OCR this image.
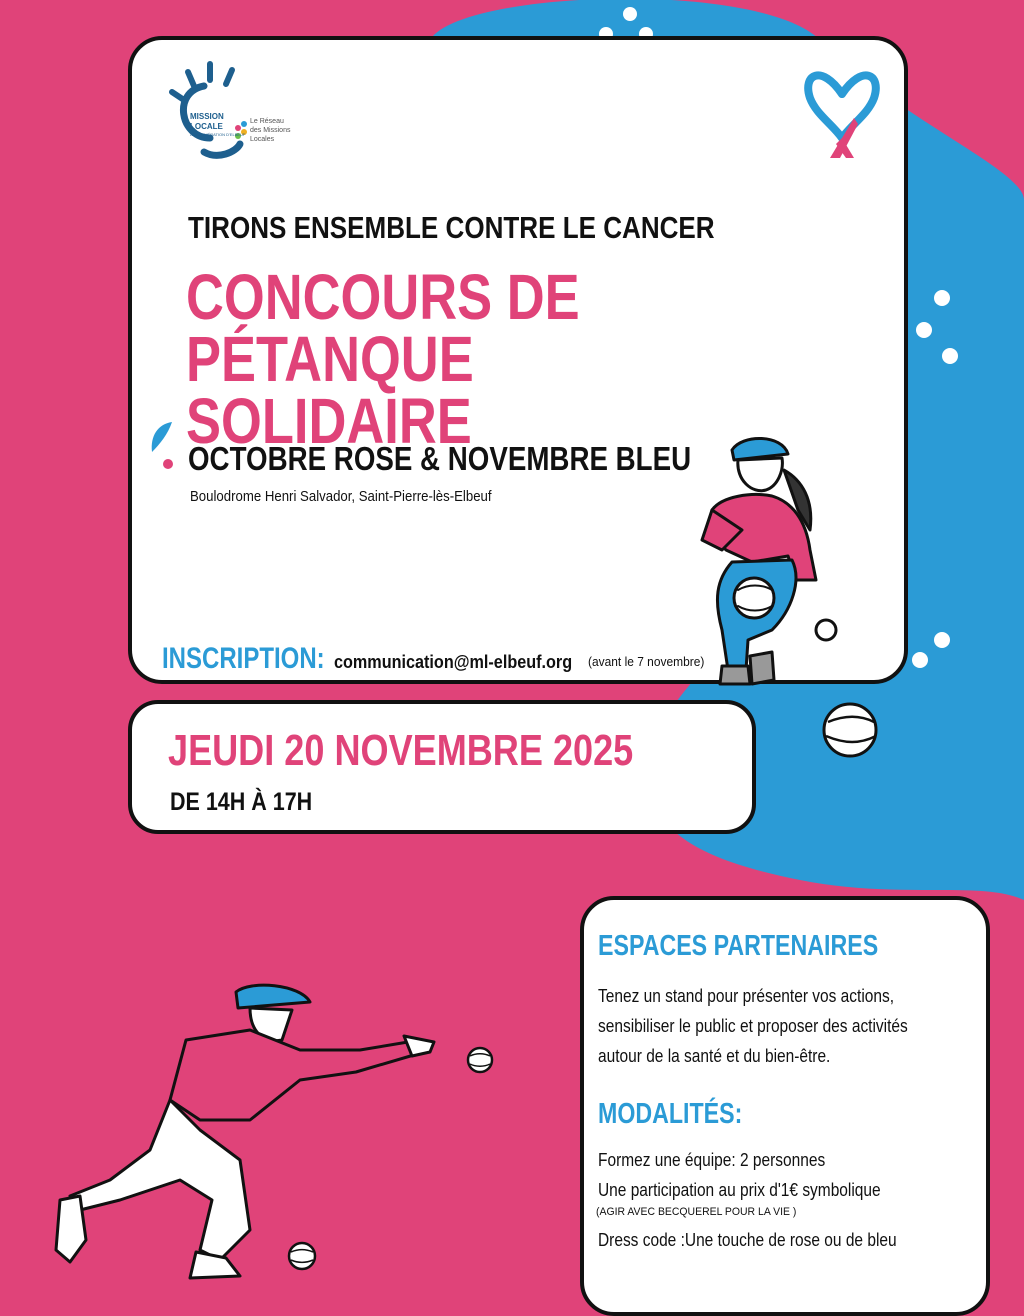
MISSION
LOCALE
AGGLOMÉRATION D'ELBEUF
Le Réseau
des Missions
Locales

TIRONS ENSEMBLE CONTRE LE CANCER

CONCOURS DE PÉTANQUE
SOLIDAIRE

OCTOBRE ROSE & NOVEMBRE BLEU

Boulodrome Henri Salvador, Saint-Pierre-lès-Elbeuf

INSCRIPTION: communication@ml-elbeuf.org (avant le 7 novembre)

JEUDI 20 NOVEMBRE 2025

DE 14H À 17H

ESPACES PARTENAIRES

Tenez un stand pour présenter vos actions,

sensibiliser le public et proposer des activités

autour de la santé et du bien-être.

MODALITÉS:

Formez une équipe: 2 personnes

Une participation au prix d'1€ symbolique

(AGIR AVEC BECQUEREL POUR LA VIE )

Dress code :Une touche de rose ou de bleu
